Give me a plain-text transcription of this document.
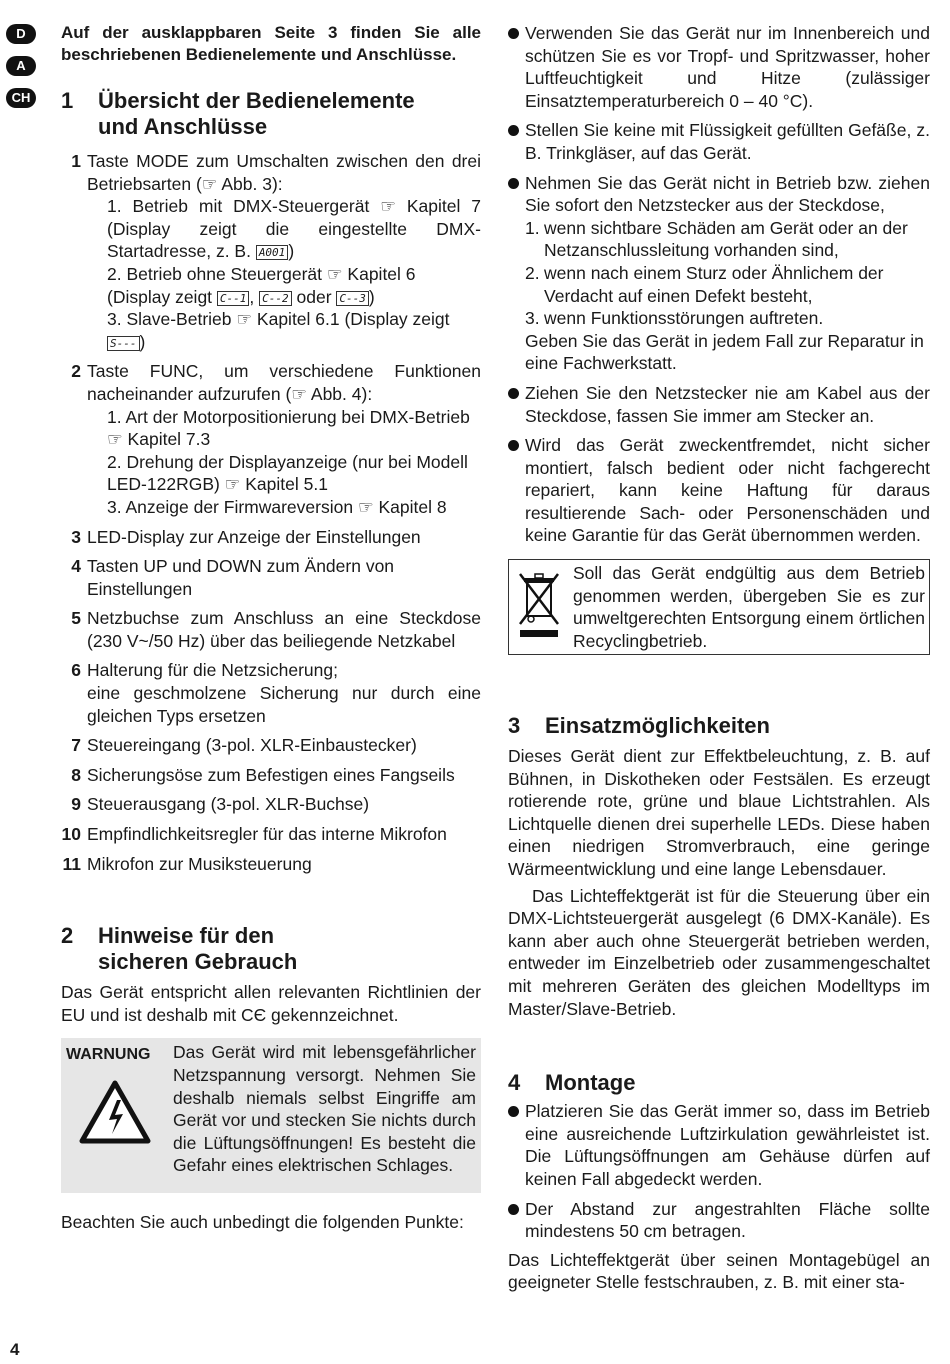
D
A
CH

Auf der ausklappbaren Seite 3 finden Sie alle beschriebenen Bedienelemente und Anschlüsse.

1 Übersicht der Bedienelemente
und Anschlüsse
1 Taste MODE zum Umschalten zwischen den drei Betriebsarten (☞ Abb. 3):
1. Betrieb mit DMX-Steuergerät ☞ Kapitel 7 (Display zeigt die eingestellte DMX-Startadresse, z. B. A001 )
2. Betrieb ohne Steuergerät ☞ Kapitel 6 (Display zeigt C--1 , C--2 oder C--3 )
3. Slave-Betrieb ☞ Kapitel 6.1 (Display zeigt S--- )
2 Taste FUNC, um verschiedene Funktionen nacheinander aufzurufen (☞ Abb. 4):
1. Art der Motorpositionierung bei DMX-Betrieb ☞ Kapitel 7.3
2. Drehung der Displayanzeige (nur bei Modell LED-122RGB) ☞ Kapitel 5.1
3. Anzeige der Firmwareversion ☞ Kapitel 8
3 LED-Display zur Anzeige der Einstellungen
4 Tasten UP und DOWN zum Ändern von Einstellungen
5 Netzbuchse zum Anschluss an eine Steckdose (230 V~/50 Hz) über das beiliegende Netzkabel
6 Halterung für die Netzsicherung;
eine geschmolzene Sicherung nur durch eine gleichen Typs ersetzen
7 Steuereingang (3-pol. XLR-Einbaustecker)
8 Sicherungsöse zum Befestigen eines Fangseils
9 Steuerausgang (3-pol. XLR-Buchse)
10 Empfindlichkeitsregler für das interne Mikrofon
11 Mikrofon zur Musiksteuerung
2 Hinweise für den
sicheren Gebrauch

Das Gerät entspricht allen relevanten Richtlinien der EU und ist deshalb mit СЄ gekennzeichnet.

WARNUNG Das Gerät wird mit lebensgefährlicher Netzspannung versorgt. Nehmen Sie deshalb niemals selbst Eingriffe am Gerät vor und stecken Sie nichts durch die Lüftungsöffnungen! Es besteht die Gefahr eines elektrischen Schlages.

Beachten Sie auch unbedingt die folgenden Punkte:

Verwenden Sie das Gerät nur im Innenbereich und schützen Sie es vor Tropf- und Spritzwasser, hoher Luftfeuchtigkeit und Hitze (zulässiger Einsatztemperaturbereich 0 – 40 °C).
Stellen Sie keine mit Flüssigkeit gefüllten Gefäße, z. B. Trinkgläser, auf das Gerät.
Nehmen Sie das Gerät nicht in Betrieb bzw. ziehen Sie sofort den Netzstecker aus der Steckdose,
1. wenn sichtbare Schäden am Gerät oder an der Netzanschlussleitung vorhanden sind,
2. wenn nach einem Sturz oder Ähnlichem der Verdacht auf einen Defekt besteht,
3. wenn Funktionsstörungen auftreten.
Geben Sie das Gerät in jedem Fall zur Reparatur in eine Fachwerkstatt.
Ziehen Sie den Netzstecker nie am Kabel aus der Steckdose, fassen Sie immer am Stecker an.
Wird das Gerät zweckentfremdet, nicht sicher montiert, falsch bedient oder nicht fachgerecht repariert, kann keine Haftung für daraus resultierende Sach- oder Personenschäden und keine Garantie für das Gerät übernommen werden.
Soll das Gerät endgültig aus dem Betrieb genommen werden, übergeben Sie es zur umweltgerechten Entsorgung einem örtlichen Recyclingbetrieb.
3 Einsatzmöglichkeiten

Dieses Gerät dient zur Effektbeleuchtung, z. B. auf Bühnen, in Diskotheken oder Festsälen. Es erzeugt rotierende rote, grüne und blaue Lichtstrahlen. Als Lichtquelle dienen drei superhelle LEDs. Diese haben einen niedrigen Stromverbrauch, eine geringe Wärmeentwicklung und eine lange Lebensdauer.

Das Lichteffektgerät ist für die Steuerung über ein DMX-Lichtsteuergerät ausgelegt (6 DMX-Kanäle). Es kann aber auch ohne Steuergerät betrieben werden, entweder im Einzelbetrieb oder zusammengeschaltet mit mehreren Geräten des gleichen Modelltyps im Master/Slave-Betrieb.

4 Montage
Platzieren Sie das Gerät immer so, dass im Betrieb eine ausreichende Luftzirkulation gewährleistet ist. Die Lüftungsöffnungen am Gehäuse dürfen auf keinen Fall abgedeckt werden.
Der Abstand zur angestrahlten Fläche sollte mindestens 50 cm betragen.

Das Lichteffektgerät über seinen Montagebügel an geeigneter Stelle festschrauben, z. B. mit einer sta-

4
